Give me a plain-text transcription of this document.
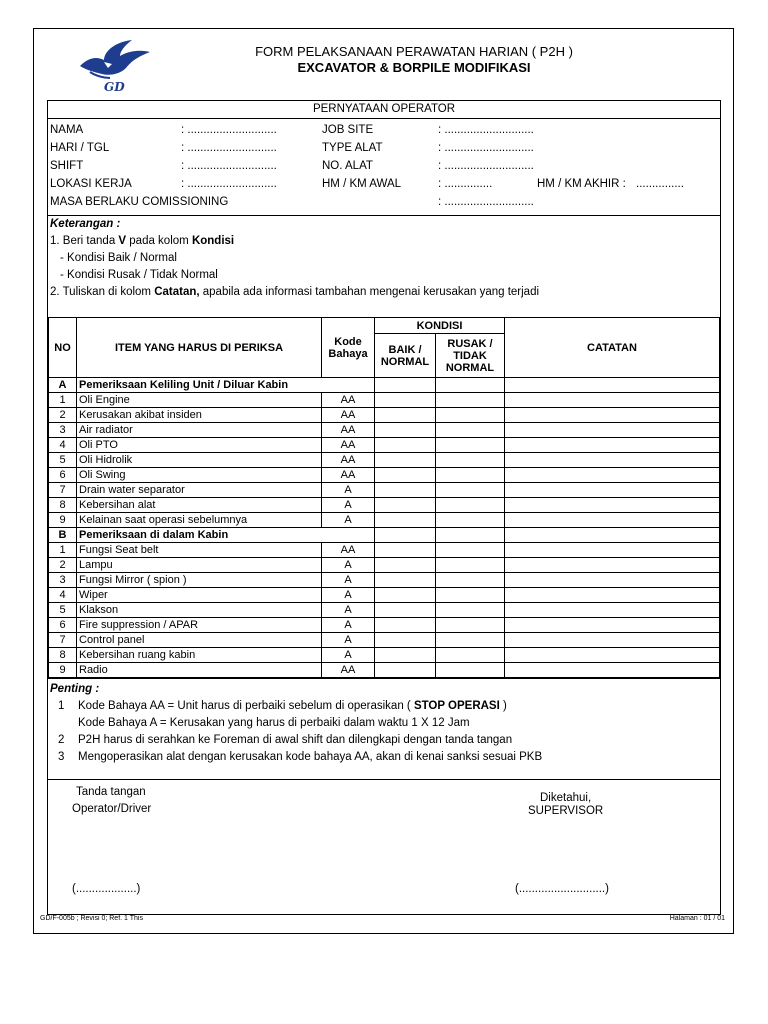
GD
FORM PELAKSANAAN PERAWATAN HARIAN ( P2H )
EXCAVATOR & BORPILE MODIFIKASI
PERNYATAAN OPERATOR
NAMA	: ............................
HARI / TGL	: ............................
SHIFT	: ............................
LOKASI KERJA	: ............................
MASA BERLAKU COMISSIONING	: ............................
JOB SITE	: ............................
TYPE ALAT	: ............................
NO. ALAT	: ............................
HM / KM AWAL	: ...............	HM / KM AKHIR : ...............
Keterangan :
1. Beri tanda V pada kolom Kondisi
- Kondisi Baik / Normal
- Kondisi Rusak / Tidak Normal
2. Tuliskan di kolom Catatan, apabila ada informasi tambahan mengenai kerusakan yang terjadi
NO	ITEM YANG HARUS DI PERIKSA	Kode Bahaya	KONDISI		CATATAN
			BAIK / NORMAL	RUSAK / TIDAK NORMAL	
A	Pemeriksaan Keliling Unit / Diluar Kabin				
1	Oli Engine	AA			
2	Kerusakan akibat insiden	AA			
3	Air radiator	AA			
4	Oli PTO	AA			
5	Oli Hidrolik	AA			
6	Oli Swing	AA			
7	Drain water separator	A			
8	Kebersihan alat	A			
9	Kelainan saat operasi sebelumnya	A			
B	Pemeriksaan di dalam Kabin				
1	Fungsi Seat belt	AA			
2	Lampu	A			
3	Fungsi Mirror ( spion )	A			
4	Wiper	A			
5	Klakson	A			
6	Fire suppression / APAR	A			
7	Control panel	A			
8	Kebersihan ruang kabin	A			
9	Radio	AA			
Penting :
1 Kode Bahaya AA = Unit harus di perbaiki sebelum di operasikan ( STOP OPERASI )
Kode Bahaya A = Kerusakan yang harus di perbaiki dalam waktu 1 X 12 Jam
2 P2H harus di serahkan ke Foreman di awal shift dan dilengkapi dengan tanda tangan
3 Mengoperasikan alat dengan kerusakan kode bahaya AA, akan di kenai sanksi sesuai PKB
Tanda tangan
Operator/Driver
Diketahui,
SUPERVISOR
(...................)	(...........................)
GD/F-005b ; Revisi 0; Ref. 1 This	Halaman : 01 / 01
